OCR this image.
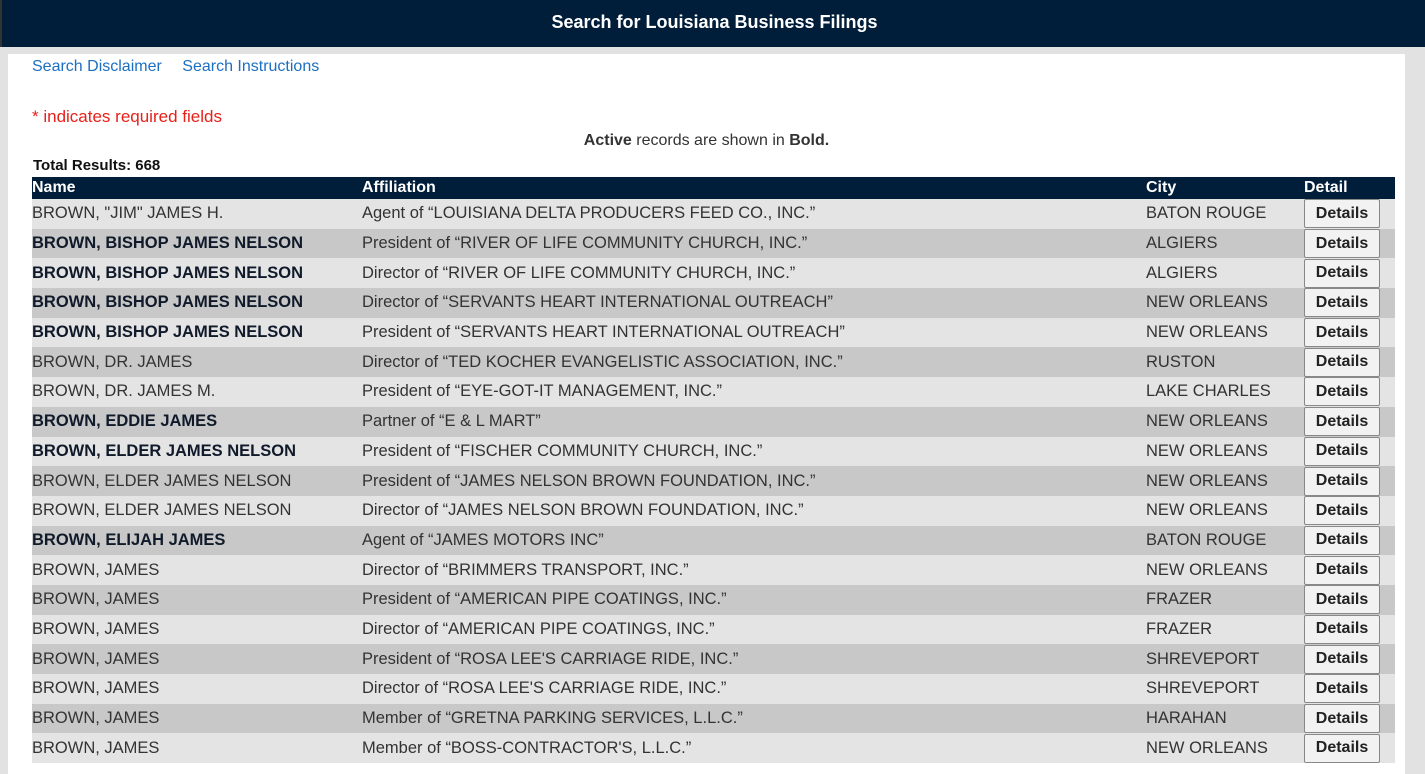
Search for Louisiana Business Filings
Search Disclaimer Search Instructions
* indicates required fields
Active records are shown in Bold.
Total Results: 668
Name	Affiliation	City	Detail
BROWN, "JIM" JAMES H.	Agent of “LOUISIANA DELTA PRODUCERS FEED CO., INC.”	BATON ROUGE	Details
BROWN, BISHOP JAMES NELSON	President of “RIVER OF LIFE COMMUNITY CHURCH, INC.”	ALGIERS	Details
BROWN, BISHOP JAMES NELSON	Director of “RIVER OF LIFE COMMUNITY CHURCH, INC.”	ALGIERS	Details
BROWN, BISHOP JAMES NELSON	Director of “SERVANTS HEART INTERNATIONAL OUTREACH”	NEW ORLEANS	Details
BROWN, BISHOP JAMES NELSON	President of “SERVANTS HEART INTERNATIONAL OUTREACH”	NEW ORLEANS	Details
BROWN, DR. JAMES	Director of “TED KOCHER EVANGELISTIC ASSOCIATION, INC.”	RUSTON	Details
BROWN, DR. JAMES M.	President of “EYE-GOT-IT MANAGEMENT, INC.”	LAKE CHARLES	Details
BROWN, EDDIE JAMES	Partner of “E & L MART”	NEW ORLEANS	Details
BROWN, ELDER JAMES NELSON	President of “FISCHER COMMUNITY CHURCH, INC.”	NEW ORLEANS	Details
BROWN, ELDER JAMES NELSON	President of “JAMES NELSON BROWN FOUNDATION, INC.”	NEW ORLEANS	Details
BROWN, ELDER JAMES NELSON	Director of “JAMES NELSON BROWN FOUNDATION, INC.”	NEW ORLEANS	Details
BROWN, ELIJAH JAMES	Agent of “JAMES MOTORS INC”	BATON ROUGE	Details
BROWN, JAMES	Director of “BRIMMERS TRANSPORT, INC.”	NEW ORLEANS	Details
BROWN, JAMES	President of “AMERICAN PIPE COATINGS, INC.”	FRAZER	Details
BROWN, JAMES	Director of “AMERICAN PIPE COATINGS, INC.”	FRAZER	Details
BROWN, JAMES	President of “ROSA LEE'S CARRIAGE RIDE, INC.”	SHREVEPORT	Details
BROWN, JAMES	Director of “ROSA LEE'S CARRIAGE RIDE, INC.”	SHREVEPORT	Details
BROWN, JAMES	Member of “GRETNA PARKING SERVICES, L.L.C.”	HARAHAN	Details
BROWN, JAMES	Member of “BOSS-CONTRACTOR'S, L.L.C.”	NEW ORLEANS	Details
